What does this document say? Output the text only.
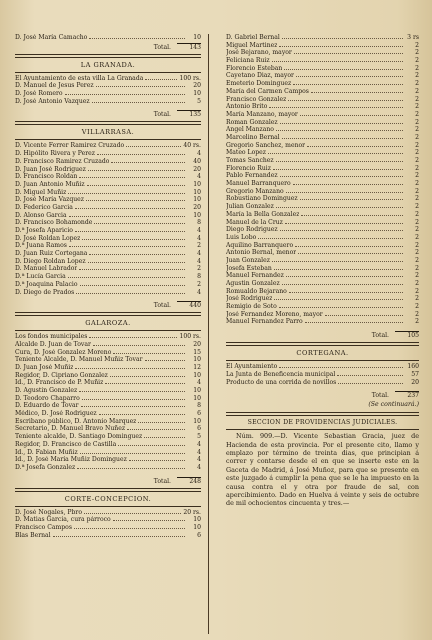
D. José María Camacho	10
Total.	143
LA GRANADA.
El Ayuntamiento de esta villa La Granada	100 rs.
D. Manuel de Jesus Perez	20
D. José Romero	10
D. José Antonio Vazquez	5
Total.	135
VILLARRASA.
D. Vicente Ferrer Ramirez Cruzado	40 rs.
D. Hipólito Rivera y Perez	4
D. Francisco Ramirez Cruzado	40
D. Juan José Rodriguez	20
D. Francisco Roldan	4
D. Juan Antonio Muñiz	10
D. Miguel Muñiz	10
D. José María Vazquez	10
D. Federico Garcia	20
D. Alonso Garcia	10
D. Francisco Bohamonde	8
D.ª Josefa Aparicio	4
D. José Roldan Lopez	4
D.ª Juana Ramos	2
D. Juan Ruiz Cortegana	4
D. Diego Roldan Lopez	4
D. Manuel Labrador	2
D.ª Lucía Garcia	8
D.ª Joaquina Palacio	2
D. Diego de Prados	4
Total.	440
GALAROZA.
Los fondos municipales	100 rs.
Alcalde D. Juan de Tovar	20
Cura, D. José Gonzalez Moreno	15
Teniente Alcalde, D. Manuel Muñiz Tovar	10
D. Juan José Muñiz	12
Regidor, D. Cipriano Gonzalez	10
Id., D. Francisco de P. Muñiz	4
D. Agustin Gonzalez	10
D. Teodoro Chaparro	10
D. Eduardo de Tovar	8
Médico, D. José Rodriguez	6
Escribano público, D. Antonio Marquez	10
Secretario, D. Manuel Bravo Nuñez	6
Teniente alcalde, D. Santiago Dominguez	5
Regidor, D. Francisco de Castilla	4
Id., D. Fabian Muñiz	4
Id., D. José María Muñiz Dominguez	4
D.ª Josefa Gonzalez	4
Total.	248
CORTE-CONCEPCION.
D. José Nogales, Pbro	20 rs.
D. Matias Garcia, cura párroco	10
Francisco Campos	10
Blas Bernal	6
D. Gabriel Bernal	3 rs
Miguel Martinez	2
José Bejarano, mayor	2
Feliciana Ruiz	2
Florencio Esteban	2
Cayetano Diaz, mayor	2
Emeterio Dominguez	2
María del Carmen Campos	2
Francisco Gonzalez	2
Antonio Brito	2
María Manzano, mayor	2
Roman Gonzalez	2
Angel Manzano	2
Marcelino Bernal	2
Gregorio Sanchez, menor	2
Mateo Lopez	2
Tomas Sanchez	2
Florencio Ruiz	2
Pablo Fernandez	2
Manuel Barranquero	2
Gregorio Manzano	2
Robustiano Dominguez	2
Julian Gonzalez	2
María la Bella Gonzalez	2
Manuel de la Cruz	2
Diego Rodriguez	2
Luis Lobo	2
Aquilino Barranquero	2
Antonio Bernal, menor	2
Juan Gonzalez	2
Josefa Esteban	2
Manuel Fernandez	2
Agustin Gonzalez	2
Romualdo Bejarano	2
José Rodriguez	2
Remigio de Soto	2
José Fernandez Moreno, mayor	2
Manuel Fernandez Parro	2
Total.	105
CORTEGANA.
El Ayuntamiento	160
La Junta de Beneficencia municipal	57
Producto de una corrida de novillos	20
Total.	237
(Se continuará.)
SECCION DE PROVIDENCIAS JUDICIALES.
Núm. 909.—D. Vicente Sebastian Gracia, juez de Hacienda de esta provincia. Por el presente cito, llamo y emplazo por término de treinta dias, que principian á correr y contarse desde el en que se inserte este en la Gaceta de Madrid, á José Muñoz, para que se presente en este juzgado á cumplir la pena que se le ha impuesto en la causa contra el y otra por fraude de sal, con apercibimiento. Dado en Huelva á veinte y seis de octubre de mil ochocientos cincuenta y tres.—
